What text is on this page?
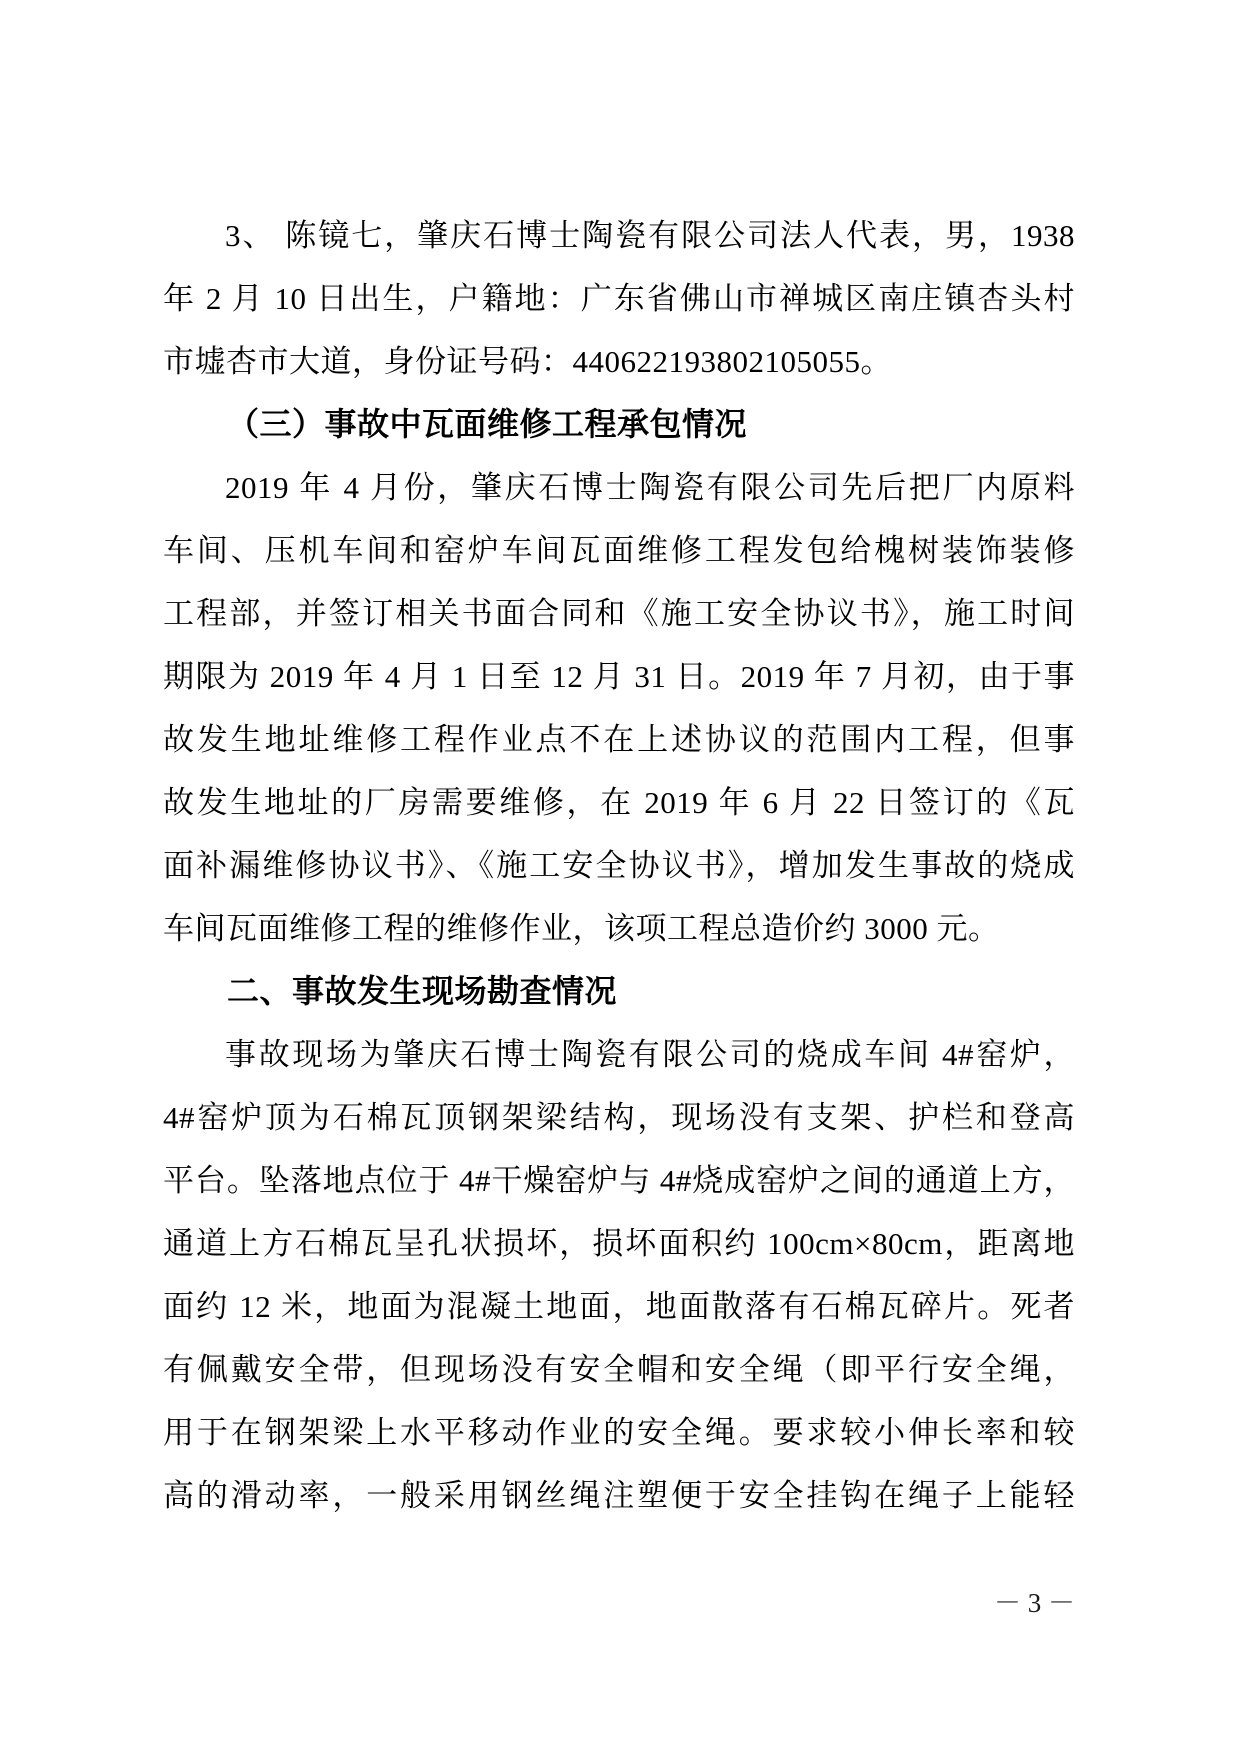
3、 陈镜七，肇庆石博士陶瓷有限公司法人代表，男，1938

年 2 月 10 日出生，户籍地：广东省佛山市禅城区南庄镇杏头村

市墟杏市大道，身份证号码：440622193802105055。

（三）事故中瓦面维修工程承包情况

2019 年 4 月份，肇庆石博士陶瓷有限公司先后把厂内原料

车间、压机车间和窑炉车间瓦面维修工程发包给槐树装饰装修

工程部，并签订相关书面合同和《施工安全协议书》，施工时间

期限为 2019 年 4 月 1 日至 12 月 31 日。2019 年 7 月初，由于事

故发生地址维修工程作业点不在上述协议的范围内工程，但事

故发生地址的厂房需要维修，在 2019 年 6 月 22 日签订的《瓦

面补漏维修协议书》、《施工安全协议书》，增加发生事故的烧成

车间瓦面维修工程的维修作业，该项工程总造价约 3000 元。

二、事故发生现场勘查情况

事故现场为肇庆石博士陶瓷有限公司的烧成车间 4#窑炉，

4#窑炉顶为石棉瓦顶钢架梁结构，现场没有支架、护栏和登高

平台。坠落地点位于 4#干燥窑炉与 4#烧成窑炉之间的通道上方，

通道上方石棉瓦呈孔状损坏，损坏面积约 100cm×80cm，距离地

面约 12 米，地面为混凝土地面，地面散落有石棉瓦碎片。死者

有佩戴安全带，但现场没有安全帽和安全绳（即平行安全绳，

用于在钢架梁上水平移动作业的安全绳。要求较小伸长率和较

高的滑动率，一般采用钢丝绳注塑便于安全挂钩在绳子上能轻

－ 3 －
